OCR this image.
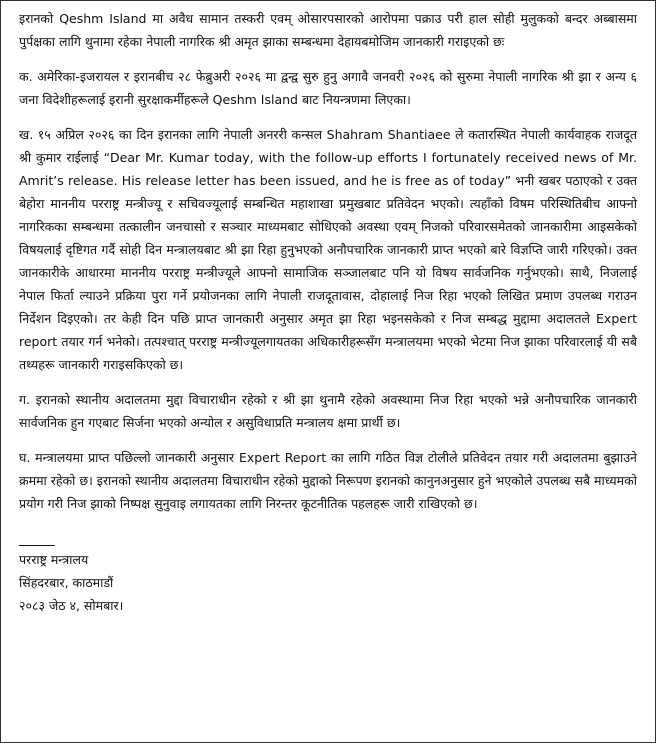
इरानको Qeshm Island मा अवैध सामान तस्करी एवम् ओसारपसारको आरोपमा पक्राउ परी हाल सोही मुलुकको बन्दर अब्बासमा पुर्पक्षका लागि थुनामा रहेका नेपाली नागरिक श्री अमृत झाका सम्बन्धमा देहायबमोजिम जानकारी गराइएको छः

क. अमेरिका-इजरायल र इरानबीच २८ फेब्रुअरी २०२६ मा द्वन्द्व सुरु हुनु अगावै जनवरी २०२६ को सुरुमा नेपाली नागरिक श्री झा र अन्य ६ जना विदेशीहरूलाई इरानी सुरक्षाकर्मीहरूले Qeshm Island बाट नियन्त्रणमा लिएका।

ख. १५ अप्रिल २०२६ का दिन इरानका लागि नेपाली अनररी कन्सल Shahram Shantiaee ले कतारस्थित नेपाली कार्यवाहक राजदूत श्री कुमार राईलाई “Dear Mr. Kumar today, with the follow-up efforts I fortunately received news of Mr. Amrit’s release. His release letter has been issued, and he is free as of today” भनी खबर पठाएको र उक्त बेहोरा माननीय परराष्ट्र मन्त्रीज्यू र सचिवज्यूलाई सम्बन्धित महाशाखा प्रमुखबाट प्रतिवेदन भएको। त्यहाँको विषम परिस्थितिबीच आफ्नो नागरिकका सम्बन्धमा तत्कालीन जनचासो र सञ्चार माध्यमबाट सोधिएको अवस्था एवम् निजको परिवारसमेतको जानकारीमा आइसकेको विषयलाई दृष्टिगत गर्दै सोही दिन मन्त्रालयबाट श्री झा रिहा हुनुभएको अनौपचारिक जानकारी प्राप्त भएको बारे विज्ञप्ति जारी गरिएको। उक्त जानकारीके आधारमा माननीय परराष्ट्र मन्त्रीज्यूले आफ्नो सामाजिक सञ्जालबाट पनि यो विषय सार्वजनिक गर्नुभएको। साथै, निजलाई नेपाल फिर्ता ल्याउने प्रक्रिया पुरा गर्ने प्रयोजनका लागि नेपाली राजदूतावास, दोहालाई निज रिहा भएको लिखित प्रमाण उपलब्ध गराउन निर्देशन दिइएको। तर केही दिन पछि प्राप्त जानकारी अनुसार अमृत झा रिहा भइनसकेको र निज सम्बद्ध मुद्दामा अदालतले Expert report तयार गर्न भनेको। तत्पश्चात् परराष्ट्र मन्त्रीज्यूलगायतका अधिकारीहरूसँग मन्त्रालयमा भएको भेटमा निज झाका परिवारलाई यी सबै तथ्यहरू जानकारी गराइसकिएको छ।

ग. इरानको स्थानीय अदालतमा मुद्दा विचाराधीन रहेको र श्री झा थुनामै रहेको अवस्थामा निज रिहा भएको भन्ने अनौपचारिक जानकारी सार्वजनिक हुन गएबाट सिर्जना भएको अन्योल र असुविधाप्रति मन्त्रालय क्षमा प्रार्थी छ।

घ. मन्त्रालयमा प्राप्त पछिल्लो जानकारी अनुसार Expert Report का लागि गठित विज्ञ टोलीले प्रतिवेदन तयार गरी अदालतमा बुझाउने क्रममा रहेको छ। इरानको स्थानीय अदालतमा विचाराधीन रहेको मुद्दाको निरूपण इरानको कानुनअनुसार हुने भएकोले उपलब्ध सबै माध्यमको प्रयोग गरी निज झाको निष्पक्ष सुनुवाइ लगायतका लागि निरन्तर कूटनीतिक पहलहरू जारी राखिएको छ।

परराष्ट्र मन्त्रालय
सिंहदरबार, काठमाडौं
२०८३ जेठ ४, सोमबार।
